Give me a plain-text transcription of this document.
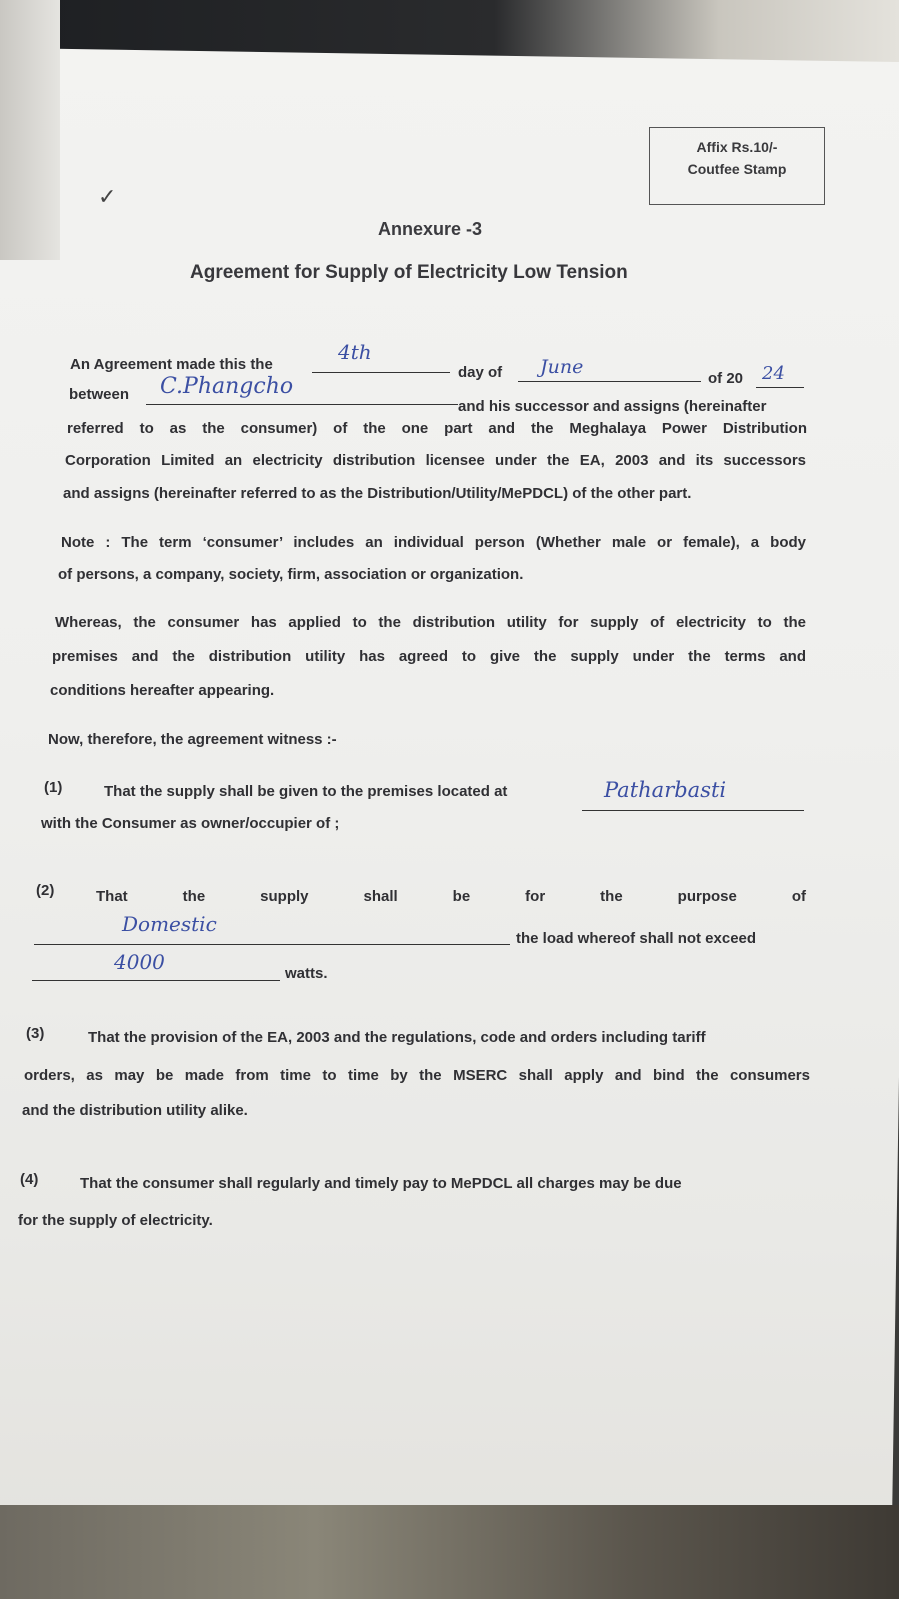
Affix Rs.10/-
Coutfee Stamp
✓
Annexure -3
Agreement for Supply of Electricity Low Tension
An Agreement made this the
4th
day of June
of 20 24
between C.Phangcho
and his successor and assigns (hereinafter
referred to as the consumer) of the one part and the Meghalaya Power Distribution
Corporation Limited an electricity distribution licensee under the EA, 2003 and its successors
and assigns (hereinafter referred to as the Distribution/Utility/MePDCL) of the other part.
Note : The term ‘consumer’ includes an individual person (Whether male or female), a body
of persons, a company, society, firm, association or organization.
Whereas, the consumer has applied to the distribution utility for supply of electricity to the
premises and the distribution utility has agreed to give the supply under the terms and
conditions hereafter appearing.
Now, therefore, the agreement witness :-
(1)	That the supply shall be given to the premises located at	Patharbasti
with the Consumer as owner/occupier of ;
(2)	That the supply shall be for the purpose of
Domestic
the load whereof shall not exceed
4000	watts.
(3)	That the provision of the EA, 2003 and the regulations, code and orders including tariff
orders, as may be made from time to time by the MSERC shall apply and bind the consumers
and the distribution utility alike.
(4)	That the consumer shall regularly and timely pay to MePDCL all charges may be due
for the supply of electricity.
